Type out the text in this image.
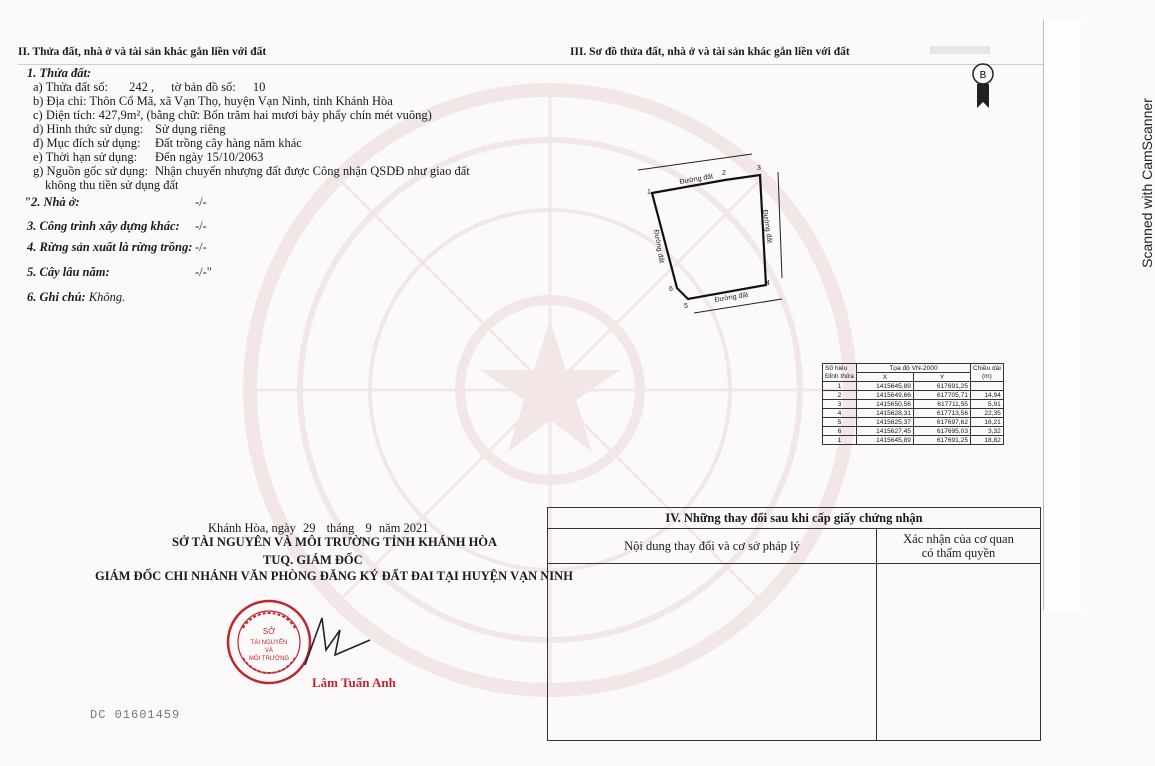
II. Thửa đất, nhà ở và tài sản khác gắn liền với đất	III. Sơ đồ thửa đất, nhà ở và tài sản khác gắn liền với đất
B
1. Thửa đất:
a) Thửa đất số: 242 , tờ bản đồ số: 10
b) Địa chỉ: Thôn Cổ Mã, xã Vạn Thọ, huyện Vạn Ninh, tỉnh Khánh Hòa
c) Diện tích: 427,9m², (bằng chữ: Bốn trăm hai mươi bảy phẩy chín mét vuông)
d) Hình thức sử dụng: Sử dụng riêng
đ) Mục đích sử dụng: Đất trồng cây hàng năm khác
e) Thời hạn sử dụng: Đến ngày 15/10/2063
g) Nguồn gốc sử dụng: Nhận chuyển nhượng đất được Công nhận QSDĐ như giao đất
không thu tiền sử dụng đất
"2. Nhà ở:	-/-
3. Công trình xây dựng khác: -/-
4. Rừng sản xuất là rừng trồng: -/-
5. Cây lâu năm:	-/-"
6. Ghi chú: Không.
1
2
3
4
5
6
Đường đất
Đường đất
Đường đất
Đường đất
Số hiệu	Tọa độ VN-2000		Chiều dài
Đỉnh thửa	X	Y	(m)
1	1415645,89	617691,25	
2	1415649,66	617705,71	14,94
3	1415650,56	617711,55	5,91
4	1415628,31	617713,56	22,35
5	1415625,37	617697,62	16,21
6	1415627,45	617695,03	3,32
1	1415645,89	617691,25	18,82
Khánh Hòa, ngày 29 tháng 9 năm 2021
SỞ TÀI NGUYÊN VÀ MÔI TRƯỜNG TỈNH KHÁNH HÒA
TUQ. GIÁM ĐỐC
GIÁM ĐỐC CHI NHÁNH VĂN PHÒNG ĐĂNG KÝ ĐẤT ĐAI TẠI HUYỆN VẠN NINH
SỞ
TÀI NGUYÊN
VÀ
MÔI TRƯỜNG
Lâm Tuấn Anh
DC 01601459
IV. Những thay đổi sau khi cấp giấy chứng nhận
Nội dung thay đổi và cơ sở pháp lý	Xác nhận của cơ quan
có thẩm quyền
Scanned with CamScanner
